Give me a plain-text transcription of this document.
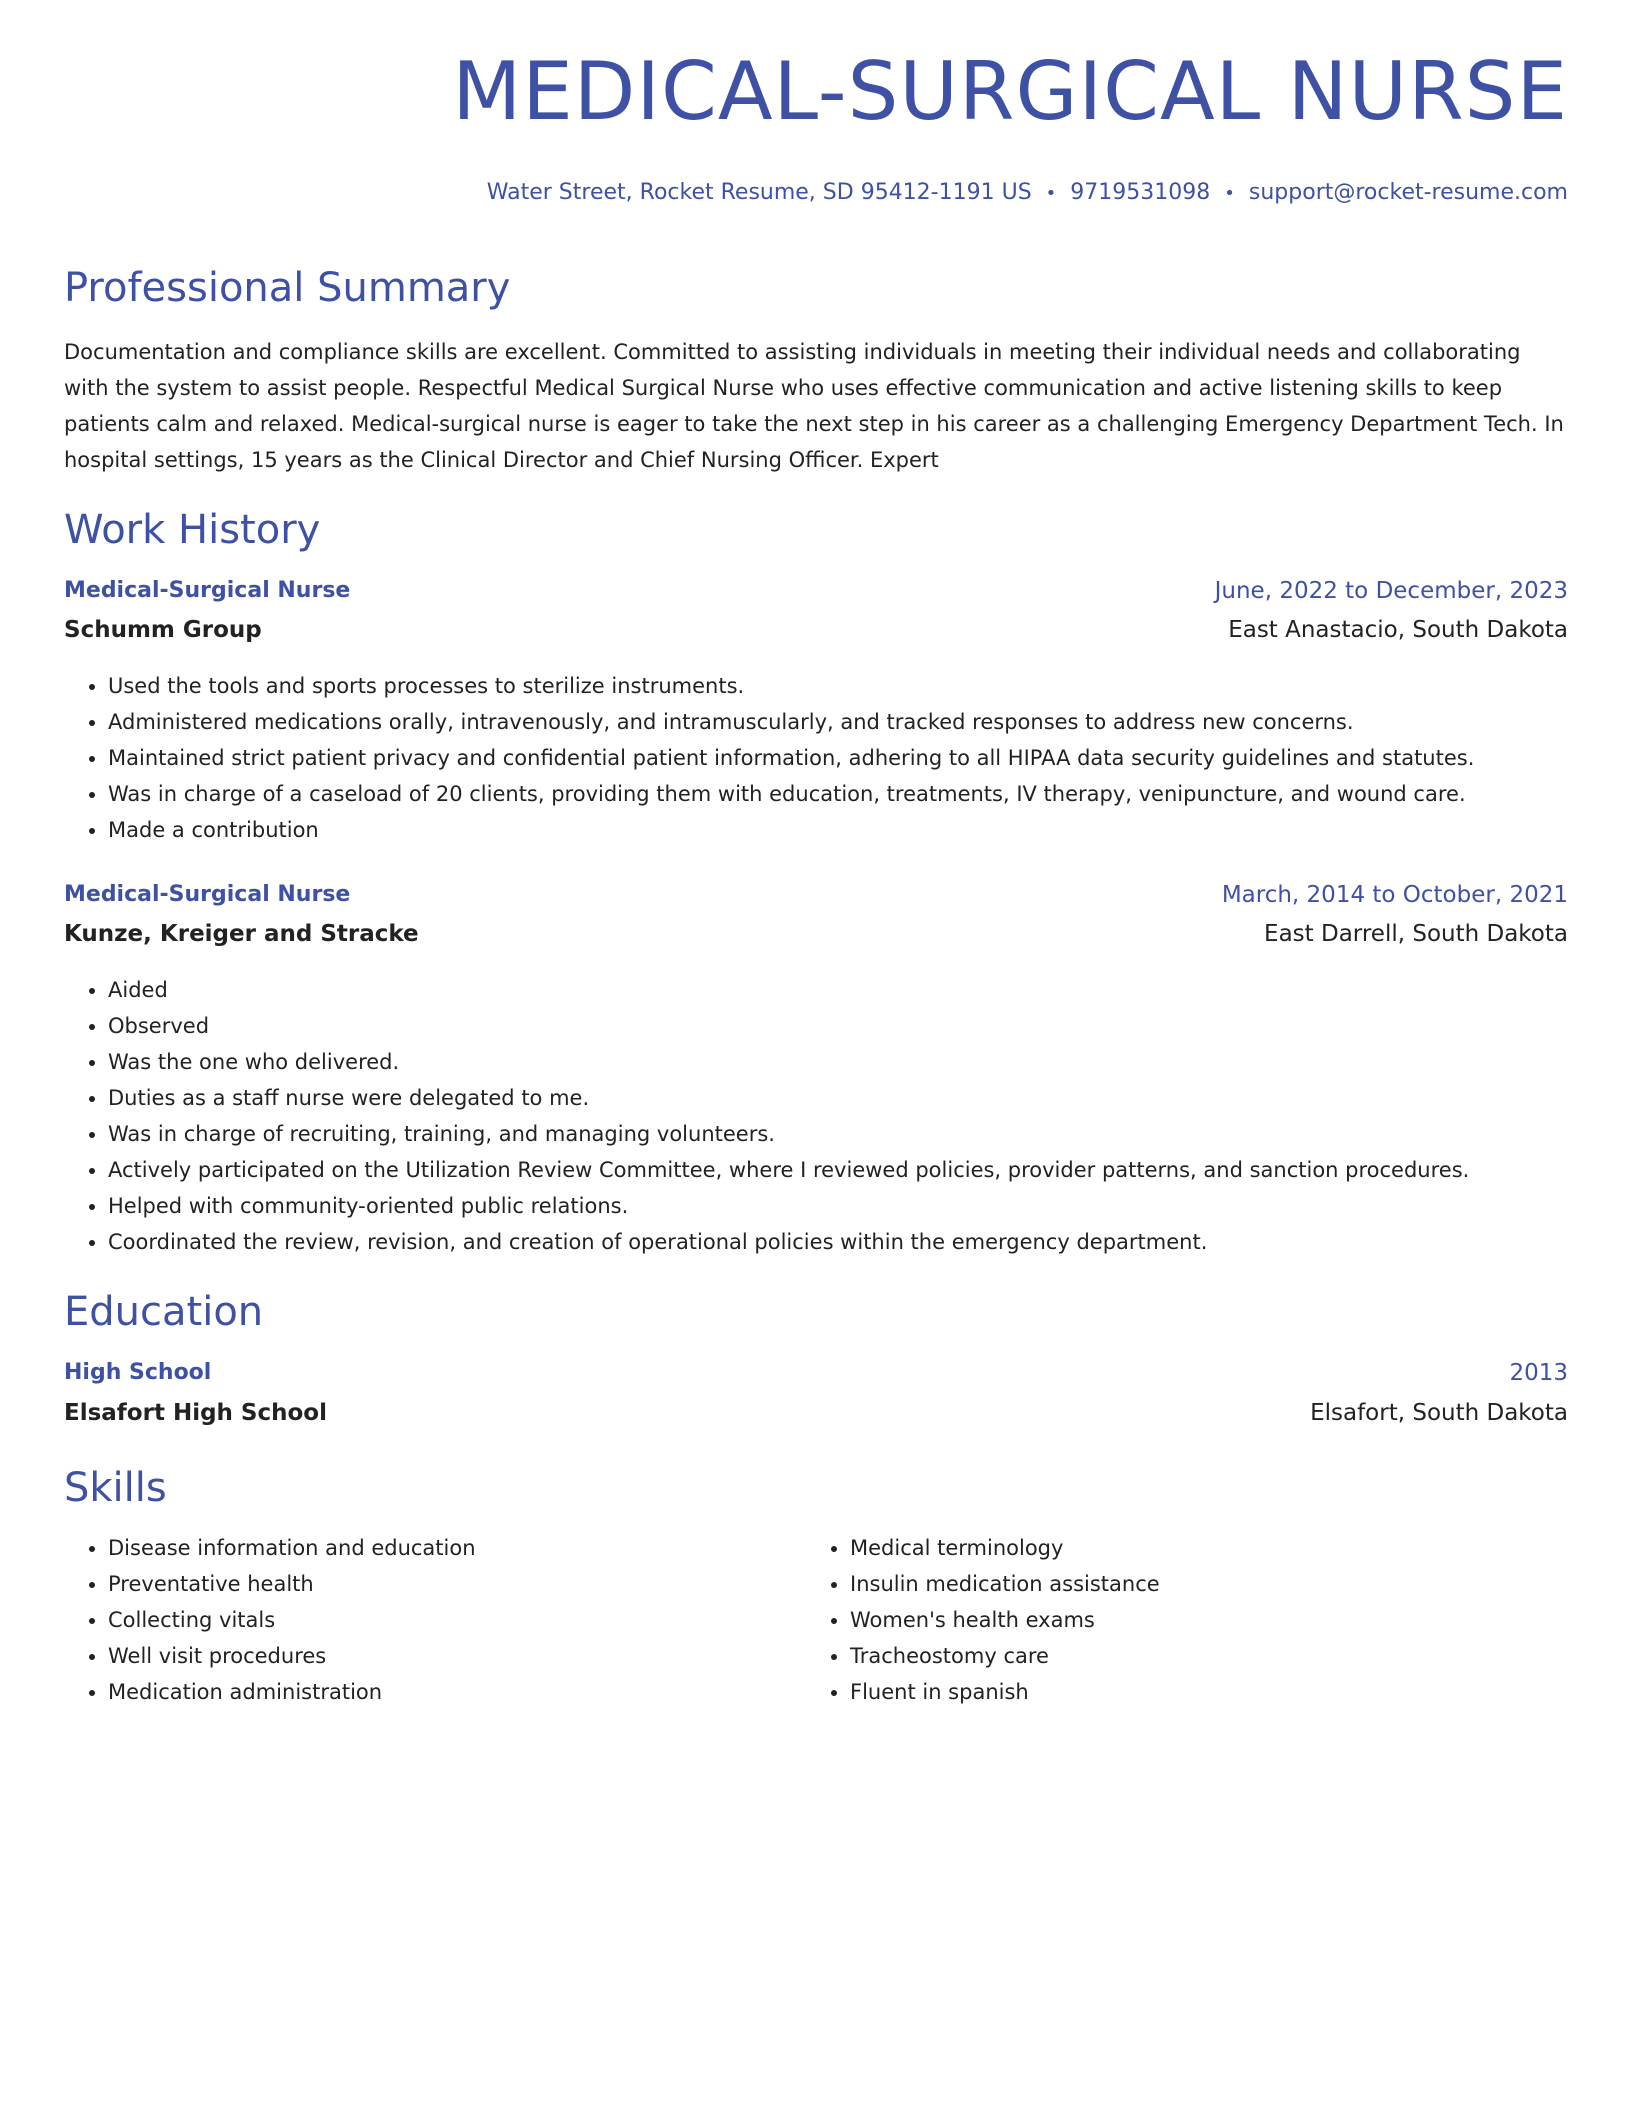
MEDICAL-SURGICAL NURSE
Water Street, Rocket Resume, SD 95412-1191 US • 9719531098 • support@rocket-resume.com
Professional Summary

Documentation and compliance skills are excellent. Committed to assisting individuals in meeting their individual needs and collaborating with the system to assist people. Respectful Medical Surgical Nurse who uses effective communication and active listening skills to keep patients calm and relaxed. Medical-surgical nurse is eager to take the next step in his career as a challenging Emergency Department Tech. In hospital settings, 15 years as the Clinical Director and Chief Nursing Officer. Expert

Work History
Medical-Surgical Nurse	June, 2022 to December, 2023
Schumm Group	East Anastacio, South Dakota
• Used the tools and sports processes to sterilize instruments.
• Administered medications orally, intravenously, and intramuscularly, and tracked responses to address new concerns.
• Maintained strict patient privacy and confidential patient information, adhering to all HIPAA data security guidelines and statutes.
• Was in charge of a caseload of 20 clients, providing them with education, treatments, IV therapy, venipuncture, and wound care.
• Made a contribution
Medical-Surgical Nurse	March, 2014 to October, 2021
Kunze, Kreiger and Stracke	East Darrell, South Dakota
• Aided
• Observed
• Was the one who delivered.
• Duties as a staff nurse were delegated to me.
• Was in charge of recruiting, training, and managing volunteers.
• Actively participated on the Utilization Review Committee, where I reviewed policies, provider patterns, and sanction procedures.
• Helped with community-oriented public relations.
• Coordinated the review, revision, and creation of operational policies within the emergency department.
Education
High School	2013
Elsafort High School	Elsafort, South Dakota
Skills
• Disease information and education
• Preventative health
• Collecting vitals
• Well visit procedures
• Medication administration
• Medical terminology
• Insulin medication assistance
• Women's health exams
• Tracheostomy care
• Fluent in spanish
